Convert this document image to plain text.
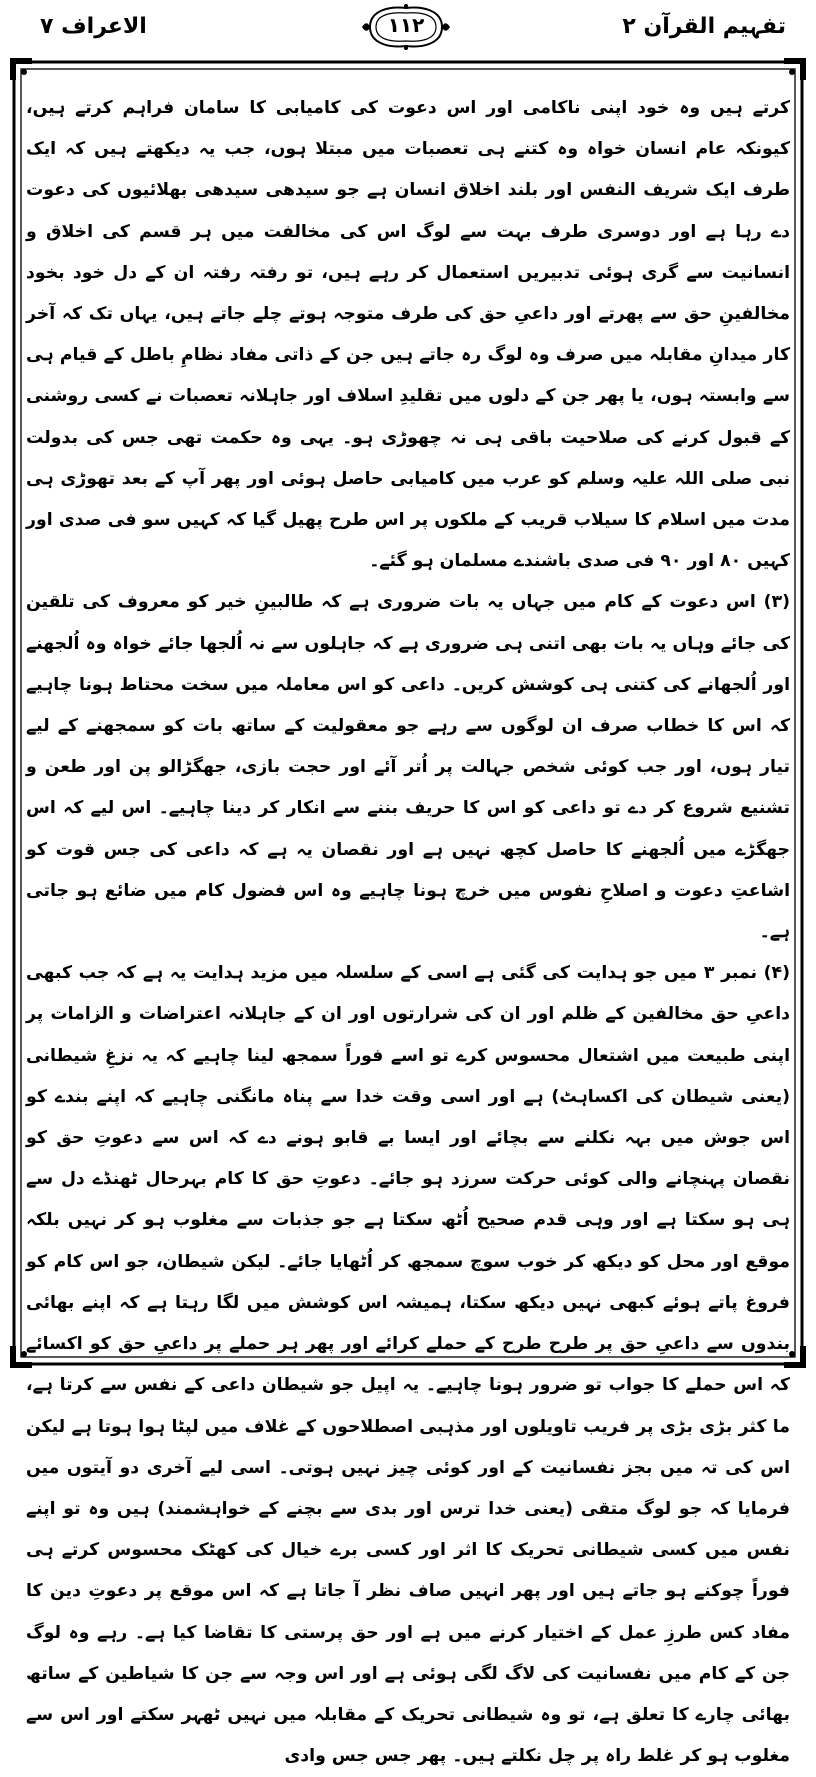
الاعراف ۷	۱۱۲	تفہیم القرآن ۲

کرتے ہیں وہ خود اپنی ناکامی اور اس دعوت کی کامیابی کا سامان فراہم کرتے ہیں، کیونکہ عام انسان خواہ وہ کتنے ہی تعصبات میں مبتلا ہوں، جب یہ دیکھتے ہیں کہ ایک طرف ایک شریف النفس اور بلند اخلاق انسان ہے جو سیدھی سیدھی بھلائیوں کی دعوت دے رہا ہے اور دوسری طرف بہت سے لوگ اس کی مخالفت میں ہر قسم کی اخلاق و انسانیت سے گری ہوئی تدبیریں استعمال کر رہے ہیں، تو رفتہ رفتہ ان کے دل خود بخود مخالفینِ حق سے پھرتے اور داعیِ حق کی طرف متوجہ ہوتے چلے جاتے ہیں، یہاں تک کہ آخر کار میدانِ مقابلہ میں صرف وہ لوگ رہ جاتے ہیں جن کے ذاتی مفاد نظامِ باطل کے قیام ہی سے وابستہ ہوں، یا پھر جن کے دلوں میں تقلیدِ اسلاف اور جاہلانہ تعصبات نے کسی روشنی کے قبول کرنے کی صلاحیت باقی ہی نہ چھوڑی ہو۔ یہی وہ حکمت تھی جس کی بدولت نبی صلی اللہ علیہ وسلم کو عرب میں کامیابی حاصل ہوئی اور پھر آپ کے بعد تھوڑی ہی مدت میں اسلام کا سیلاب قریب کے ملکوں پر اس طرح پھیل گیا کہ کہیں سو فی صدی اور کہیں ۸۰ اور ۹۰ فی صدی باشندے مسلمان ہو گئے۔

(۳) اس دعوت کے کام میں جہاں یہ بات ضروری ہے کہ طالبینِ خیر کو معروف کی تلقین کی جائے وہاں یہ بات بھی اتنی ہی ضروری ہے کہ جاہلوں سے نہ اُلجھا جائے خواہ وہ اُلجھنے اور اُلجھانے کی کتنی ہی کوشش کریں۔ داعی کو اس معاملہ میں سخت محتاط ہونا چاہیے کہ اس کا خطاب صرف ان لوگوں سے رہے جو معقولیت کے ساتھ بات کو سمجھنے کے لیے تیار ہوں، اور جب کوئی شخص جہالت پر اُتر آئے اور حجت بازی، جھگڑالو پن اور طعن و تشنیع شروع کر دے تو داعی کو اس کا حریف بننے سے انکار کر دینا چاہیے۔ اس لیے کہ اس جھگڑے میں اُلجھنے کا حاصل کچھ نہیں ہے اور نقصان یہ ہے کہ داعی کی جس قوت کو اشاعتِ دعوت و اصلاحِ نفوس میں خرچ ہونا چاہیے وہ اس فضول کام میں ضائع ہو جاتی ہے۔

(۴) نمبر ۳ میں جو ہدایت کی گئی ہے اسی کے سلسلہ میں مزید ہدایت یہ ہے کہ جب کبھی داعیِ حق مخالفین کے ظلم اور ان کی شرارتوں اور ان کے جاہلانہ اعتراضات و الزامات پر اپنی طبیعت میں اشتعال محسوس کرے تو اسے فوراً سمجھ لینا چاہیے کہ یہ نزغِ شیطانی (یعنی شیطان کی اکساہٹ) ہے اور اسی وقت خدا سے پناہ مانگنی چاہیے کہ اپنے بندے کو اس جوش میں بہہ نکلنے سے بچائے اور ایسا بے قابو ہونے دے کہ اس سے دعوتِ حق کو نقصان پہنچانے والی کوئی حرکت سرزد ہو جائے۔ دعوتِ حق کا کام بہرحال ٹھنڈے دل سے ہی ہو سکتا ہے اور وہی قدم صحیح اُٹھ سکتا ہے جو جذبات سے مغلوب ہو کر نہیں بلکہ موقع اور محل کو دیکھ کر خوب سوچ سمجھ کر اُٹھایا جائے۔ لیکن شیطان، جو اس کام کو فروغ پاتے ہوئے کبھی نہیں دیکھ سکتا، ہمیشہ اس کوشش میں لگا رہتا ہے کہ اپنے بھائی بندوں سے داعیِ حق پر طرح طرح کے حملے کرائے اور پھر ہر حملے پر داعیِ حق کو اکسائے کہ اس حملے کا جواب تو ضرور ہونا چاہیے۔ یہ اپیل جو شیطان داعی کے نفس سے کرتا ہے، ما کثر بڑی بڑی پر فریب تاویلوں اور مذہبی اصطلاحوں کے غلاف میں لپٹا ہوا ہوتا ہے لیکن اس کی تہ میں بجز نفسانیت کے اور کوئی چیز نہیں ہوتی۔ اسی لیے آخری دو آیتوں میں فرمایا کہ جو لوگ متقی (یعنی خدا ترس اور بدی سے بچنے کے خواہشمند) ہیں وہ تو اپنے نفس میں کسی شیطانی تحریک کا اثر اور کسی برے خیال کی کھٹک محسوس کرتے ہی فوراً چوکنے ہو جاتے ہیں اور پھر انہیں صاف نظر آ جاتا ہے کہ اس موقع پر دعوتِ دین کا مفاد کس طرزِ عمل کے اختیار کرنے میں ہے اور حق پرستی کا تقاضا کیا ہے۔ رہے وہ لوگ جن کے کام میں نفسانیت کی لاگ لگی ہوئی ہے اور اس وجہ سے جن کا شیاطین کے ساتھ بھائی چارے کا تعلق ہے، تو وہ شیطانی تحریک کے مقابلہ میں نہیں ٹھہر سکتے اور اس سے مغلوب ہو کر غلط راہ پر چل نکلتے ہیں۔ پھر جس جس وادی
